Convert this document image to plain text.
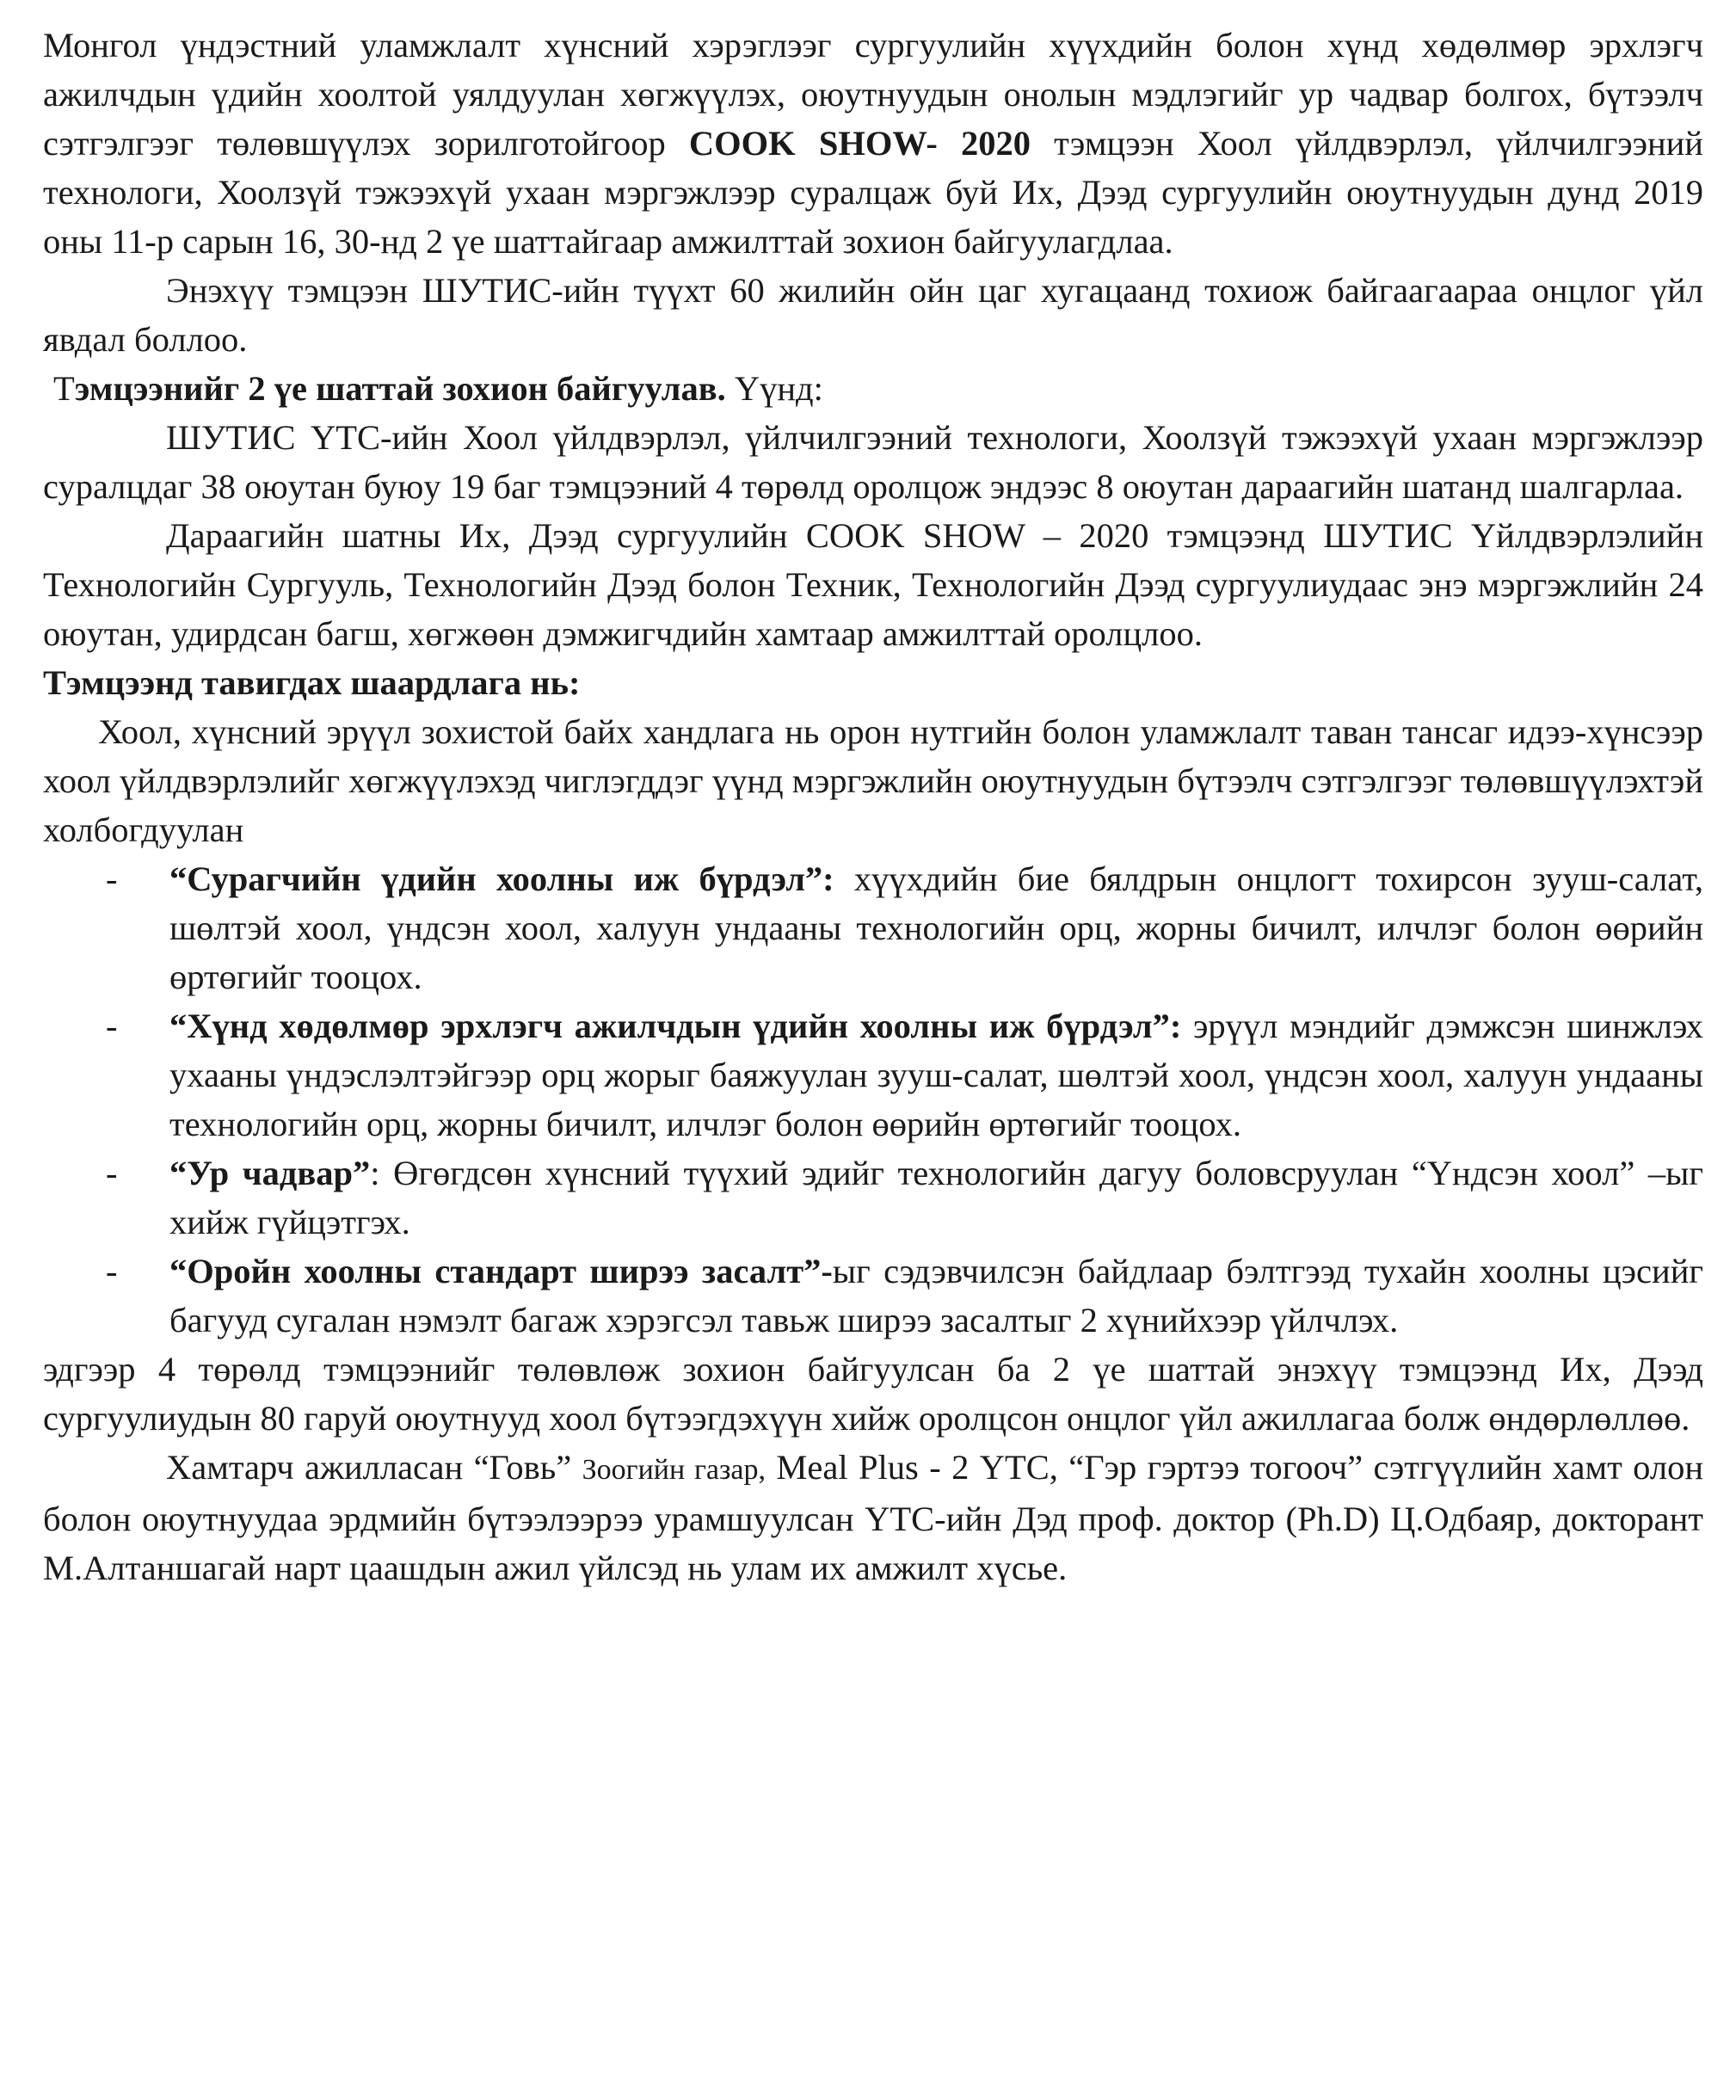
Монгол үндэстний уламжлалт хүнсний хэрэглээг сургуулийн хүүхдийн болон хүнд хөдөлмөр эрхлэгч ажилчдын үдийн хоолтой уялдуулан хөгжүүлэх, оюутнуудын онолын мэдлэгийг ур чадвар болгох, бүтээлч сэтгэлгээг төлөвшүүлэх зорилготойгоор COOK SHOW- 2020 тэмцээн Хоол үйлдвэрлэл, үйлчилгээний технологи, Хоолзүй тэжээхүй ухаан мэргэжлээр суралцаж буй Их, Дээд сургуулийн оюутнуудын дунд 2019 оны 11-р сарын 16, 30-нд 2 үе шаттайгаар амжилттай зохион байгуулагдлаа.

Энэхүү тэмцээн ШУТИС-ийн түүхт 60 жилийн ойн цаг хугацаанд тохиож байгаагаараа онцлог үйл явдал боллоо.

Тэмцээнийг 2 үе шаттай зохион байгуулав. Үүнд:

ШУТИС ҮТС-ийн Хоол үйлдвэрлэл, үйлчилгээний технологи, Хоолзүй тэжээхүй ухаан мэргэжлээр суралцдаг 38 оюутан буюу 19 баг тэмцээний 4 төрөлд оролцож эндээс 8 оюутан дараагийн шатанд шалгарлаа.

Дараагийн шатны Их, Дээд сургуулийн COOK SHOW – 2020 тэмцээнд ШУТИС Үйлдвэрлэлийн Технологийн Сургууль, Технологийн Дээд болон Техник, Технологийн Дээд сургуулиудаас энэ мэргэжлийн 24 оюутан, удирдсан багш, хөгжөөн дэмжигчдийн хамтаар амжилттай оролцлоо.

Тэмцээнд тавигдах шаардлага нь:

Хоол, хүнсний эрүүл зохистой байх хандлага нь орон нутгийн болон уламжлалт таван тансаг идээ-хүнсээр хоол үйлдвэрлэлийг хөгжүүлэхэд чиглэгддэг үүнд мэргэжлийн оюутнуудын бүтээлч сэтгэлгээг төлөвшүүлэхтэй холбогдуулан

- “Сурагчийн үдийн хоолны иж бүрдэл”: хүүхдийн бие бялдрын онцлогт тохирсон зууш-салат, шөлтэй хоол, үндсэн хоол, халуун ундааны технологийн орц, жорны бичилт, илчлэг болон өөрийн өртөгийг тооцох.
- “Хүнд хөдөлмөр эрхлэгч ажилчдын үдийн хоолны иж бүрдэл”: эрүүл мэндийг дэмжсэн шинжлэх ухааны үндэслэлтэйгээр орц жорыг баяжуулан зууш-салат, шөлтэй хоол, үндсэн хоол, халуун ундааны технологийн орц, жорны бичилт, илчлэг болон өөрийн өртөгийг тооцох.
- “Ур чадвар”: Өгөгдсөн хүнсний түүхий эдийг технологийн дагуу боловсруулан “Үндсэн хоол” –ыг хийж гүйцэтгэх.
- “Оройн хоолны стандарт ширээ засалт”-ыг сэдэвчилсэн байдлаар бэлтгээд тухайн хоолны цэсийг багууд сугалан нэмэлт багаж хэрэгсэл тавьж ширээ засалтыг 2 хүнийхээр үйлчлэх.

эдгээр 4 төрөлд тэмцээнийг төлөвлөж зохион байгуулсан ба 2 үе шаттай энэхүү тэмцээнд Их, Дээд сургуулиудын 80 гаруй оюутнууд хоол бүтээгдэхүүн хийж оролцсон онцлог үйл ажиллагаа болж өндөрлөллөө.

Хамтарч ажилласан “Говь” Зоогийн газар, Meal Plus - 2 ҮТС, “Гэр гэртээ тогооч” сэтгүүлийн хамт олон болон оюутнуудаа эрдмийн бүтээлээрээ урамшуулсан ҮТС-ийн Дэд проф. доктор (Ph.D) Ц.Одбаяр, докторант М.Алтаншагай нарт цаашдын ажил үйлсэд нь улам их амжилт хүсье.
